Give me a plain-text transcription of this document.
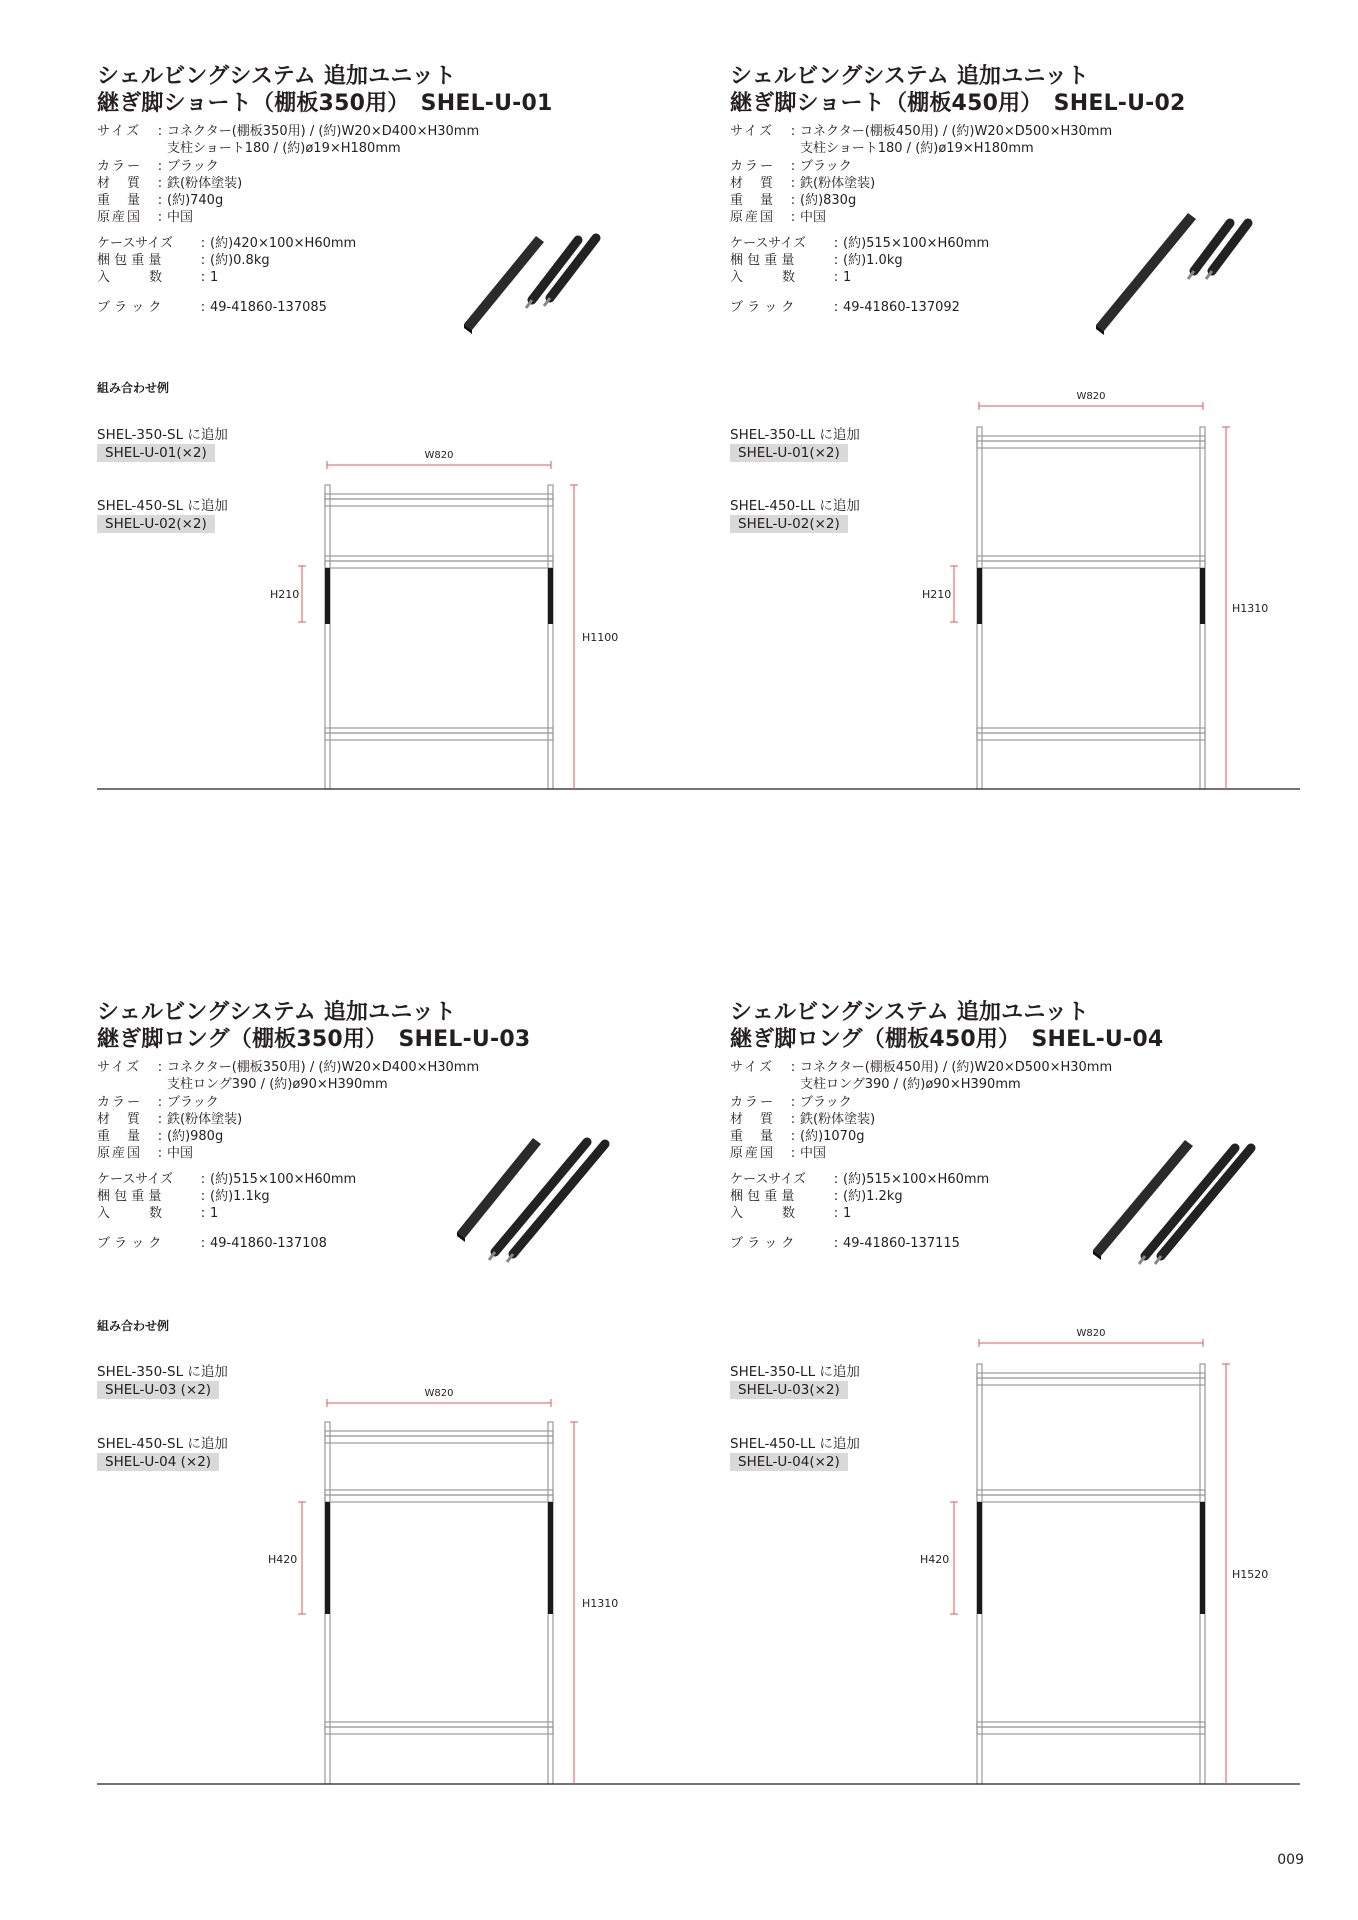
シェルビングシステム 追加ユニット

継ぎ脚ショート（棚板350用）　SHEL-U-01

サイズ	: コネクター(棚板350用) / (約)W20×D400×H30mm
支柱ショート180 / (約)ø19×H180mm
カラー	: ブラック
材　質	: 鉄(粉体塗装)
重　量	: (約)740g
原産国	: 中国
ケースサイズ	: (約)420×100×H60mm
梱 包 重 量	: (約)0.8kg
入　　　数	: 1
ブ ラ ッ ク	: 49-41860-137085

シェルビングシステム 追加ユニット

継ぎ脚ショート（棚板450用）　SHEL-U-02

サイズ	: コネクター(棚板450用) / (約)W20×D500×H30mm
支柱ショート180 / (約)ø19×H180mm
カラー	: ブラック
材　質	: 鉄(粉体塗装)
重　量	: (約)830g
原産国	: 中国
ケースサイズ	: (約)515×100×H60mm
梱 包 重 量	: (約)1.0kg
入　　　数	: 1
ブ ラ ッ ク	: 49-41860-137092

シェルビングシステム 追加ユニット

継ぎ脚ロング（棚板350用）　SHEL-U-03

サイズ	: コネクター(棚板350用) / (約)W20×D400×H30mm
支柱ロング390 / (約)ø90×H390mm
カラー	: ブラック
材　質	: 鉄(粉体塗装)
重　量	: (約)980g
原産国	: 中国
ケースサイズ	: (約)515×100×H60mm
梱 包 重 量	: (約)1.1kg
入　　　数	: 1
ブ ラ ッ ク	: 49-41860-137108

シェルビングシステム 追加ユニット

継ぎ脚ロング（棚板450用）　SHEL-U-04

サイズ	: コネクター(棚板450用) / (約)W20×D500×H30mm
支柱ロング390 / (約)ø90×H390mm
カラー	: ブラック
材　質	: 鉄(粉体塗装)
重　量	: (約)1070g
原産国	: 中国
ケースサイズ	: (約)515×100×H60mm
梱 包 重 量	: (約)1.2kg
入　　　数	: 1
ブ ラ ッ ク	: 49-41860-137115
組み合わせ例
SHEL-350-SL に追加
SHEL-U-01(×2)
SHEL-450-SL に追加
SHEL-U-02(×2)
SHEL-350-LL に追加
SHEL-U-01(×2)
SHEL-450-LL に追加
SHEL-U-02(×2)
組み合わせ例
SHEL-350-SL に追加
SHEL-U-03 (×2)
SHEL-450-SL に追加
SHEL-U-04 (×2)
SHEL-350-LL に追加
SHEL-U-03(×2)
SHEL-450-LL に追加
SHEL-U-04(×2)
W820
H1100
H210
W820
H1310
H210
W820
H1310
H420
W820
H1520
H420
009
